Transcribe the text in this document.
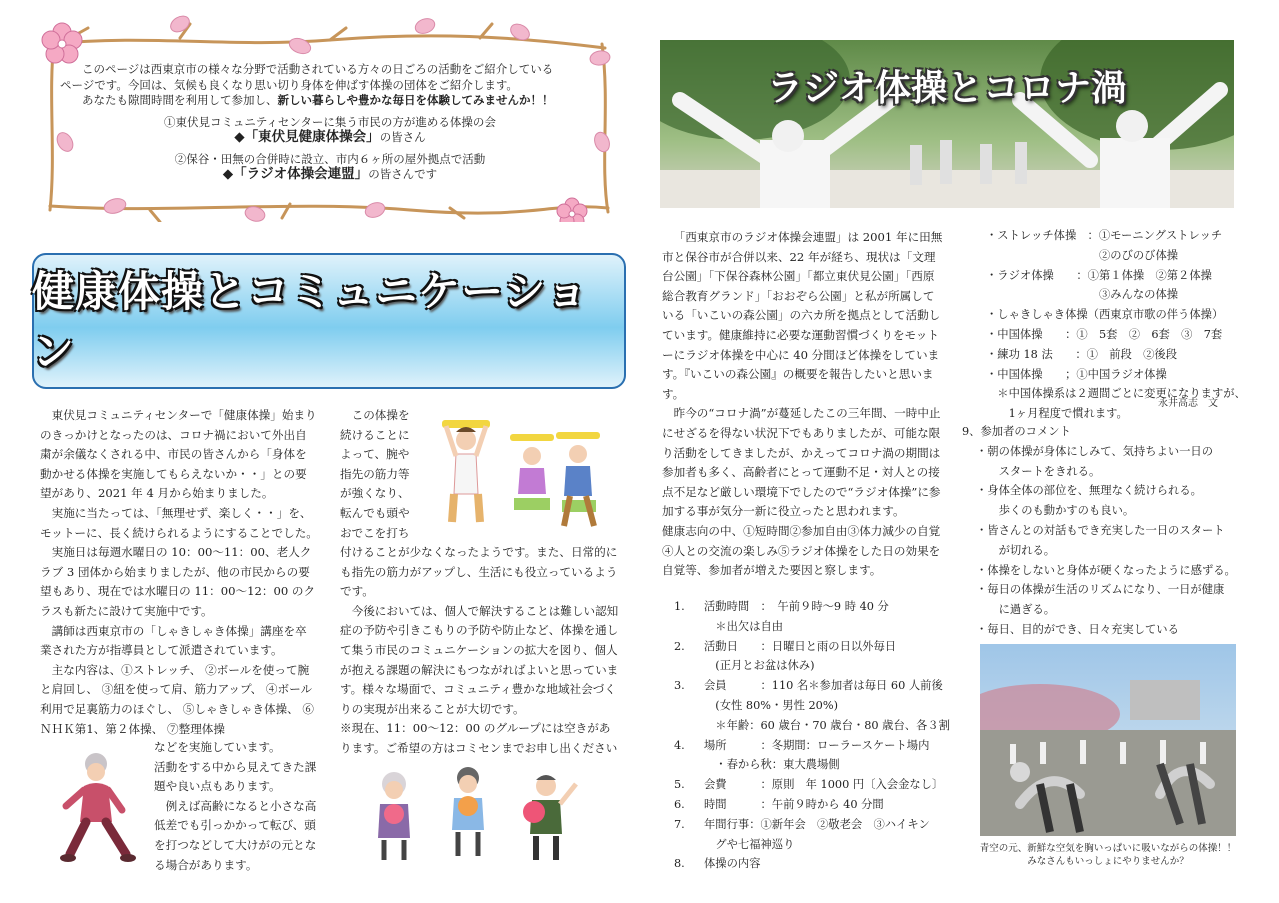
このページは西東京市の様々な分野で活動されている方々の日ごろの活動をご紹介している
ページです。今回は、気候も良くなり思い切り身体を伸ばす体操の団体をご紹介します。
あなたも隙間時間を利用して参加し、新しい暮らしや豊かな毎日を体験してみませんか！！
①東伏見コミュニティセンターに集う市民の方が進める体操の会
◆「東伏見健康体操会」の皆さん
②保谷・田無の合併時に設立、市内６ヶ所の屋外拠点で活動
◆「ラジオ体操会連盟」の皆さんです
健康体操とコミュニケーション

東伏見コミュニティセンターで「健康体操」始まりのきっかけとなったのは、コロナ禍において外出自粛が余儀なくされる中、市民の皆さんから「身体を動かせる体操を実施してもらえないか・・」との要望があり、2021 年 4 月から始まりました。

実施に当たっては、「無理せず、楽しく・・」を、モットーに、長く続けられるようにすることでした。

実施日は毎週水曜日の 10：00～11：00、老人クラブ 3 団体から始まりましたが、他の市民からの要望もあり、現在では水曜日の 11：00～12：00 のクラスも新たに設けて実施中です。

講師は西東京市の「しゃきしゃき体操」講座を卒業された方が指導員として派遣されています。

主な内容は、①ストレッチ、 ②ボールを使って腕と肩回し、 ③紐を使って肩、筋力アップ、 ④ボール利用で足裏筋力のほぐし、 ⑤しゃきしゃき体操、 ⑥ＮＨＫ第1、第２体操、 ⑦整理体操

などを実施しています。

活動をする中から見えてきた課題や良い点もあります。

例えば高齢になると小さな高低差でも引っかかって転び、頭を打つなどして大けがの元となる場合があります。

この体操を続けることによって、腕や指先の筋力等が強くなり、転んでも頭やおでこを打ち

付けることが少なくなったようです。また、日常的にも指先の筋力がアップし、生活にも役立っているようです。

今後においては、個人で解決することは難しい認知症の予防や引きこもりの予防や防止など、体操を通して集う市民のコミュニケーションの拡大を図り、個人が抱える課題の解決にもつながればよいと思っています。様々な場面で、コミュニティ豊かな地域社会づくりの実現が出来ることが大切です。

※現在、11：00～12：00 のグループには空きがあります。ご希望の方はコミセンまでお申し出ください

ラジオ体操とコロナ渦

「西東京市のラジオ体操会連盟」は 2001 年に田無市と保谷市が合併以来、22 年が経ち、現状は「文理台公園」「下保谷森林公園」「都立東伏見公園」「西原総合教育グランド」「おおぞら公園」と私が所属している「いこいの森公園」の六カ所を拠点として活動しています。健康維持に必要な運動習慣づくりをモットーにラジオ体操を中心に 40 分間ほど体操をしています。『いこいの森公園』の概要を報告したいと思います。

昨今の“コロナ渦”が蔓延したこの三年間、一時中止にせざるを得ない状況下でもありましたが、可能な限り活動をしてきましたが、かえってコロナ渦の期間は参加者も多く、高齢者にとって運動不足・対人との接点不足など厳しい環境下でしたので“ラジオ体操”に参加する事が気分一新に役立ったと思われます。

健康志向の中、①短時間②参加自由③体力減少の自覚④人との交流の楽しみ⑤ラジオ体操をした日の効果を自覚等、参加者が増えた要因と察します。

1. 活動時間　：　午前９時～9 時 40 分
　＊出欠は自由
2. 活動日　　：日曜日と雨の日以外毎日
　(正月とお盆は休み)
3. 会員　　　：110 名＊参加者は毎日 60 人前後
　(女性 80%・男性 20%)
　＊年齢：60 歳台・70 歳台・80 歳台、各３割
4. 場所　　　：冬期間：ローラースケート場内
　・春から秋：東大農場側
5. 会費　　　：原則　年 1000 円〔入会金なし〕
6. 時間　　　：午前９時から 40 分間
7. 年間行事：①新年会　②敬老会　③ハイキン
　グや七福神巡り
8. 体操の内容
・ストレッチ体操　：①モーニングストレッチ
　　　　　　　　　　②のびのび体操
・ラジオ体操　　：①第１体操　②第２体操
　　　　　　　　　　③みんなの体操
・しゃきしゃき体操（西東京市歌の伴う体操）
・中国体操　　：①　5套　②　6套　③　7套
・練功 18 法　　：①　前段　②後段
・中国体操　　；①中国ラジオ体操
　＊中国体操系は２週間ごとに変更になりますが、
　　1ヶ月程度で慣れます。
永井高志　文
9、参加者のコメント
・朝の体操が身体にしみて、気持ちよい一日の
　　スタートをきれる。
・身体全体の部位を、無理なく続けられる。
　　歩くのも動かすのも良い。
・皆さんとの対話もでき充実した一日のスタート
　　が切れる。
・体操をしないと身体が硬くなったように感ずる。
・毎日の体操が生活のリズムになり、一日が健康
　　に過ぎる。
・毎日、目的ができ、日々充実している
青空の元、新鮮な空気を胸いっぱいに吸いながらの体操！！
みなさんもいっしょにやりませんか？
